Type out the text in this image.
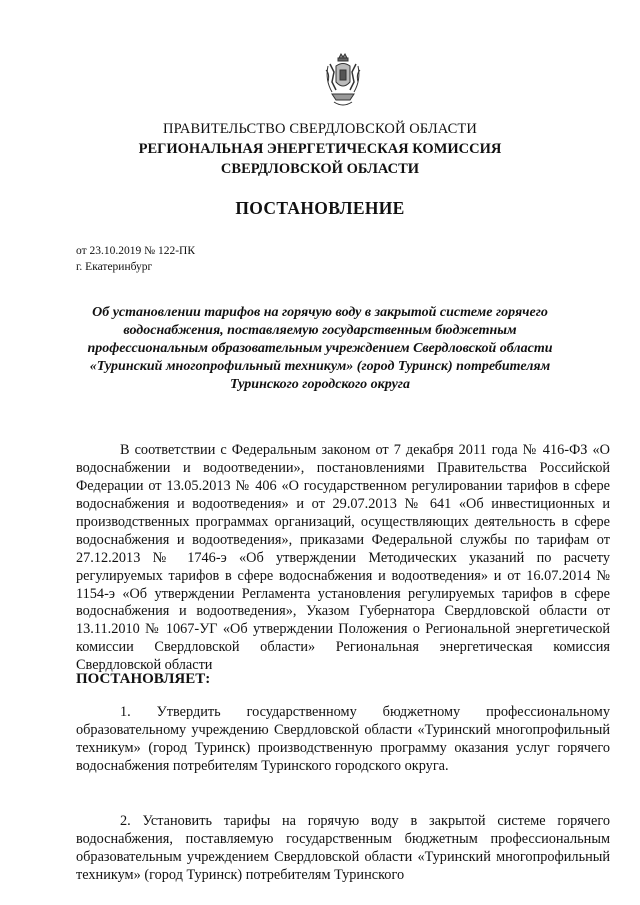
ПРАВИТЕЛЬСТВО СВЕРДЛОВСКОЙ ОБЛАСТИ

РЕГИОНАЛЬНАЯ ЭНЕРГЕТИЧЕСКАЯ КОМИССИЯ

СВЕРДЛОВСКОЙ ОБЛАСТИ

ПОСТАНОВЛЕНИЕ
от 23.10.2019 № 122-ПК
г. Екатеринбург

Об установлении тарифов на горячую воду в закрытой системе горячего водоснабжения, поставляемую государственным бюджетным профессиональным образовательным учреждением Свердловской области «Туринский многопрофильный техникум» (город Туринск) потребителям Туринского городского округа

В соответствии с Федеральным законом от 7 декабря 2011 года № 416-ФЗ «О водоснабжении и водоотведении», постановлениями Правительства Российской Федерации от 13.05.2013 № 406 «О государственном регулировании тарифов в сфере водоснабжения и водоотведения» и от 29.07.2013 № 641 «Об инвестиционных и производственных программах организаций, осуществляющих деятельность в сфере водоснабжения и водоотведения», приказами Федеральной службы по тарифам от 27.12.2013 № 1746-э «Об утверждении Методических указаний по расчету регулируемых тарифов в сфере водоснабжения и водоотведения» и от 16.07.2014 № 1154-э «Об утверждении Регламента установления регулируемых тарифов в сфере водоснабжения и водоотведения», Указом Губернатора Свердловской области от 13.11.2010 № 1067-УГ «Об утверждении Положения о Региональной энергетической комиссии Свердловской области» Региональная энергетическая комиссия Свердловской области

ПОСТАНОВЛЯЕТ:

1. Утвердить государственному бюджетному профессиональному образовательному учреждению Свердловской области «Туринский многопрофильный техникум» (город Туринск) производственную программу оказания услуг горячего водоснабжения потребителям Туринского городского округа.

2. Установить тарифы на горячую воду в закрытой системе горячего водоснабжения, поставляемую государственным бюджетным профессиональным образовательным учреждением Свердловской области «Туринский многопрофильный техникум» (город Туринск) потребителям Туринского
